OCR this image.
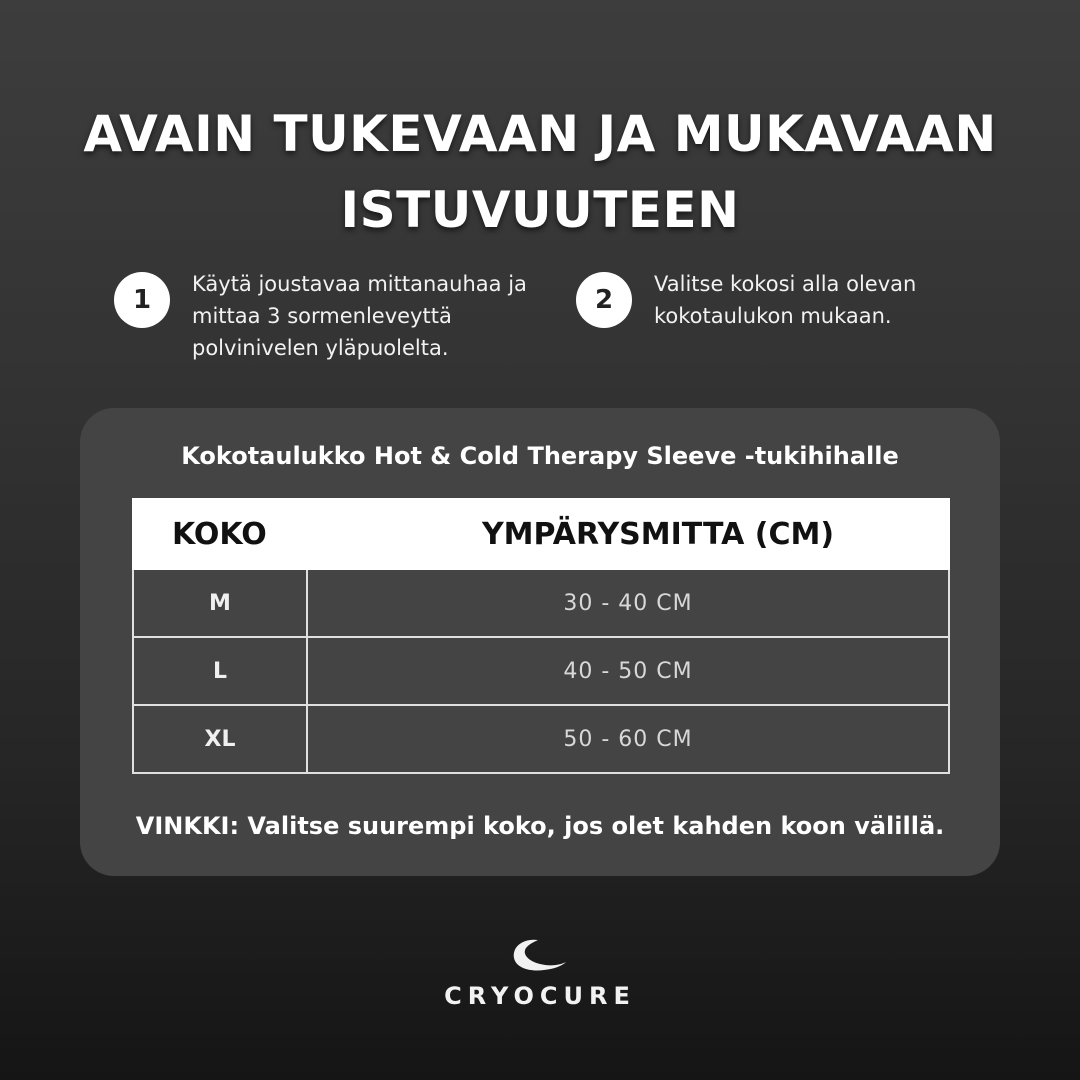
AVAIN TUKEVAAN JA MUKAVAAN
ISTUVUUTEEN
1
Käytä joustavaa mittanauhaa ja mittaa 3 sormenleveyttä polvinivelen yläpuolelta.
2
Valitse kokosi alla olevan kokotaulukon mukaan.
Kokotaulukko Hot & Cold Therapy Sleeve -tukihihalle
KOKO	YMPÄRYSMITTA (CM)
M	30 - 40 CM
L	40 - 50 CM
XL	50 - 60 CM
VINKKI: Valitse suurempi koko, jos olet kahden koon välillä.
CRYOCURE
